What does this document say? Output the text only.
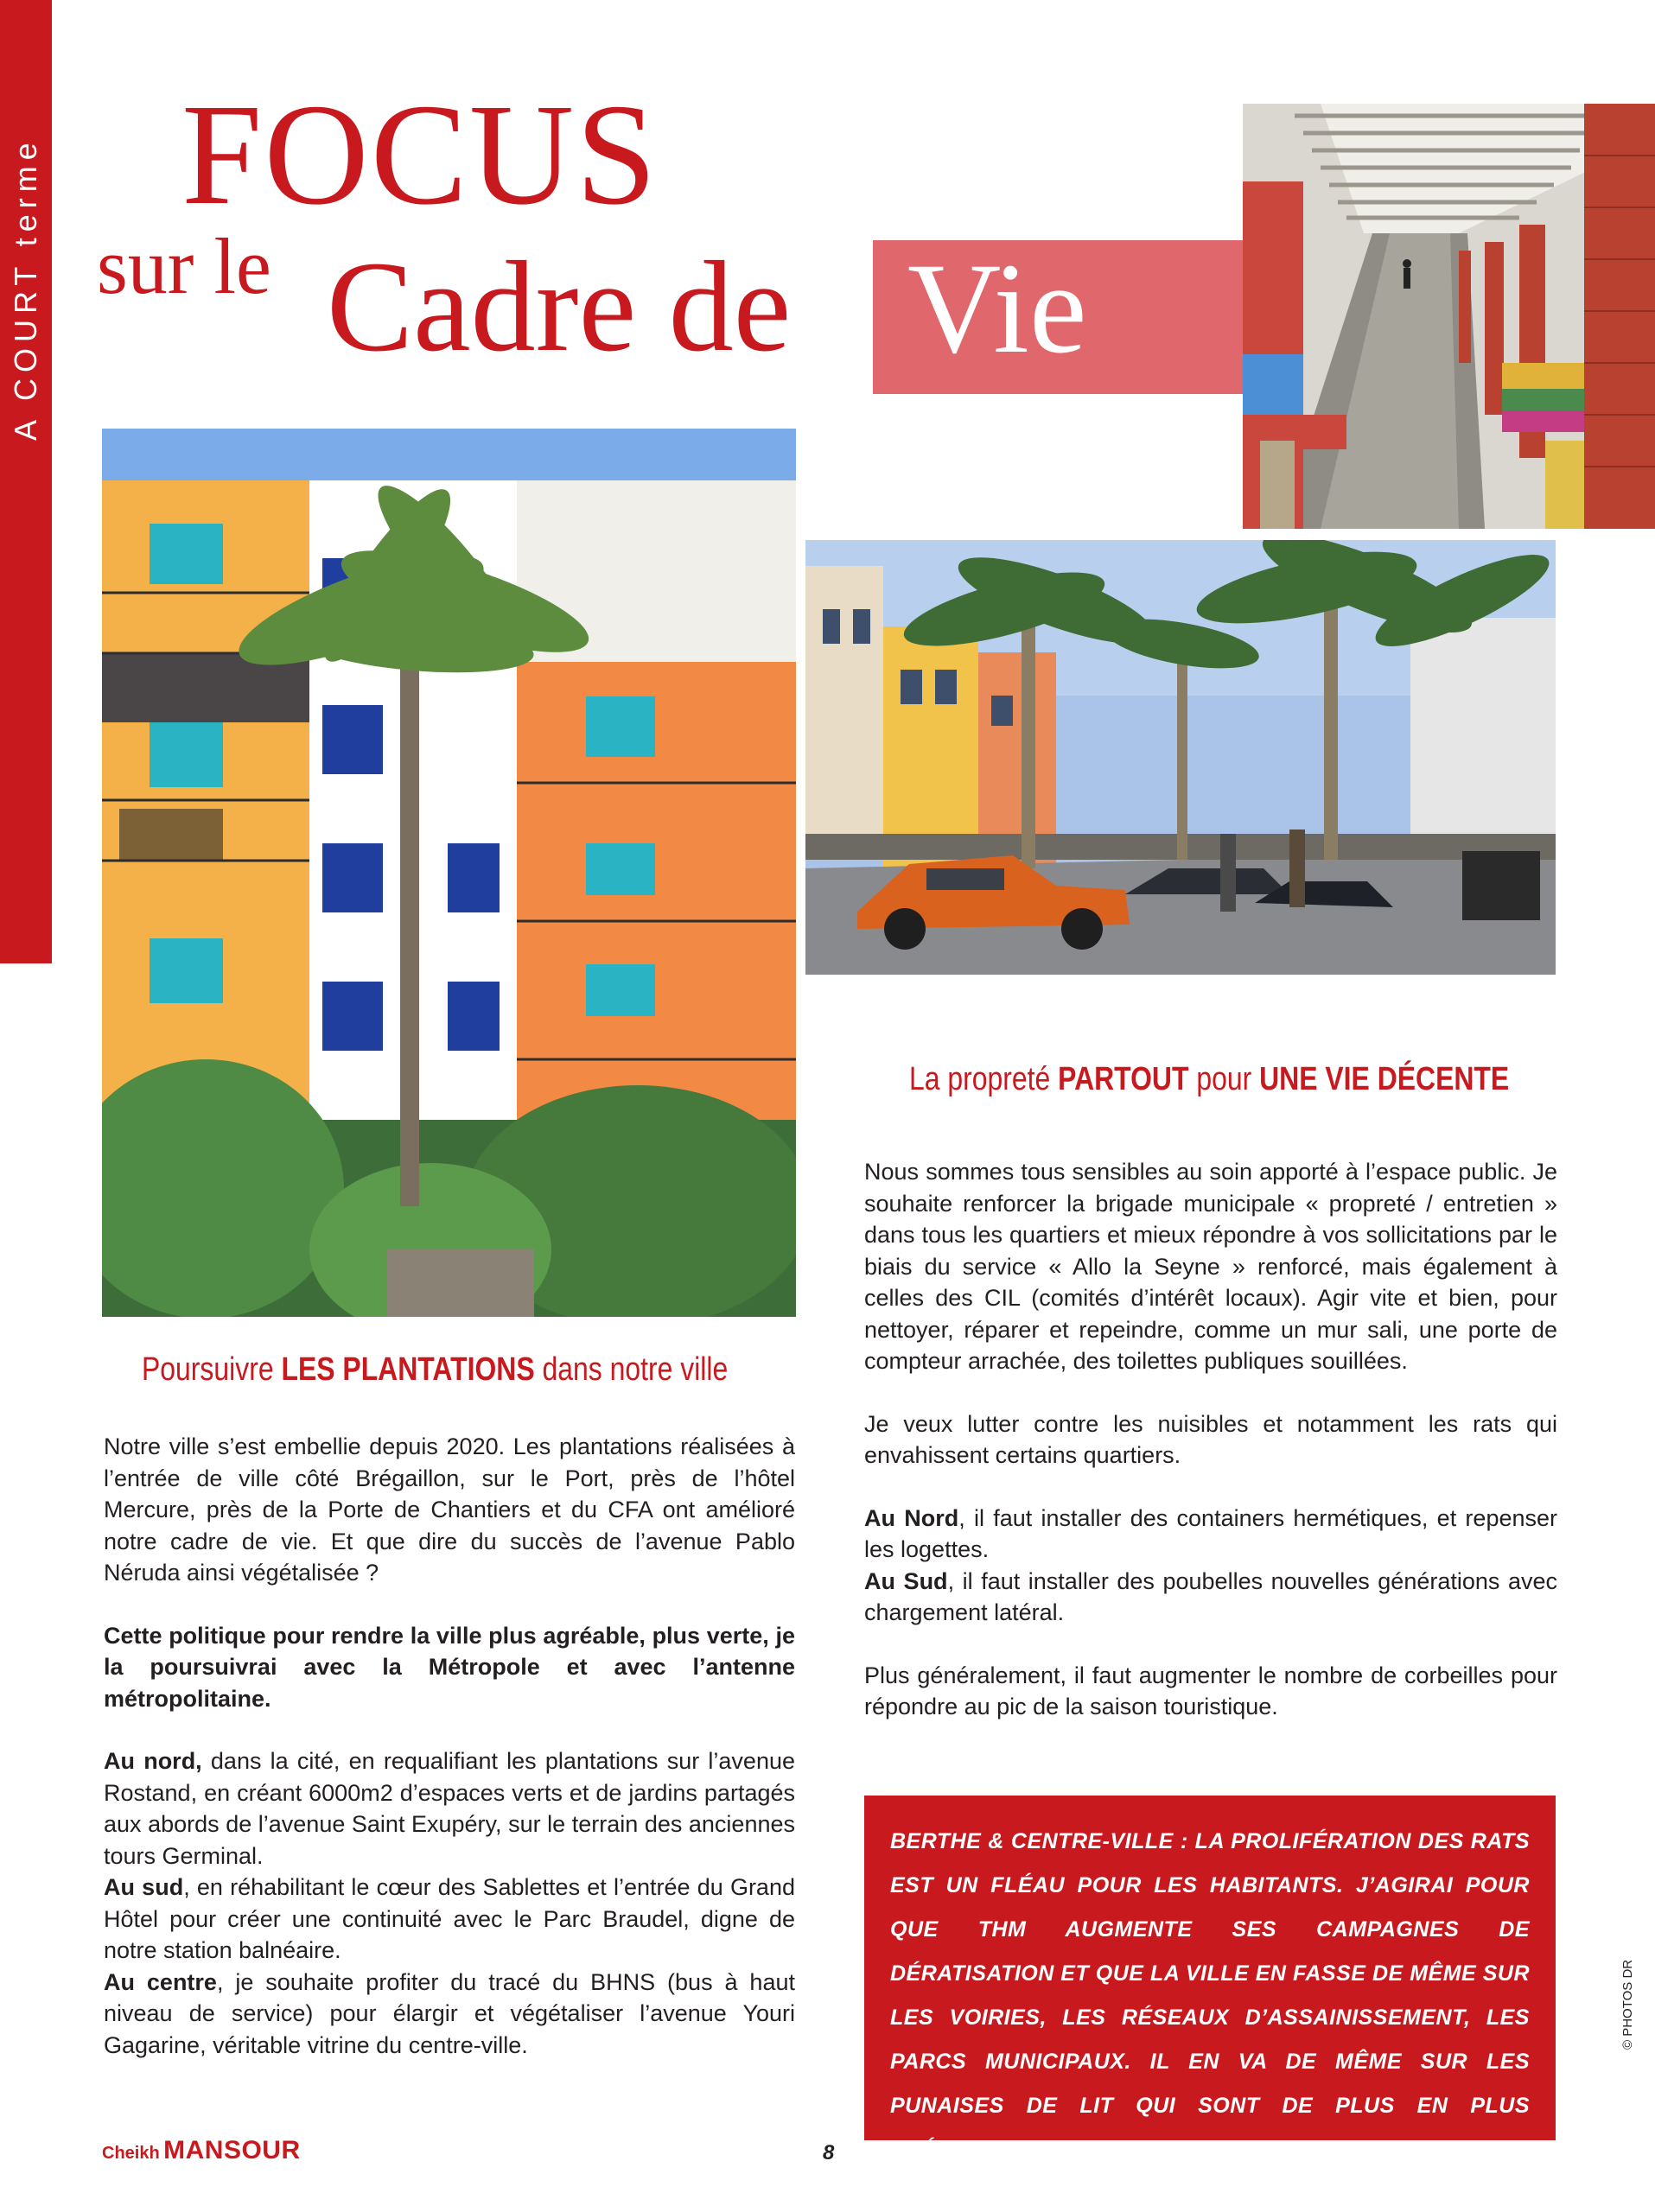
A COURT terme FOCUS
sur le Cadre de Vie
La propreté PARTOUT pour UNE VIE DÉCENTE
Poursuivre LES PLANTATIONS dans notre ville

Nous sommes tous sensibles au soin apporté à l’espace public. Je souhaite renforcer la brigade municipale « propreté / entretien » dans tous les quartiers et mieux répondre à vos sollicitations par le biais du service « Allo la Seyne » renforcé, mais également à celles des CIL (comités d’intérêt locaux). Agir vite et bien, pour nettoyer, réparer et repeindre, comme un mur sali, une porte de compteur arrachée, des toilettes publiques souillées.

Je veux lutter contre les nuisibles et notamment les rats qui envahissent certains quartiers.

Au Nord, il faut installer des containers hermétiques, et repenser les logettes.

Au Sud, il faut installer des poubelles nouvelles générations avec chargement latéral.

Plus généralement, il faut augmenter le nombre de corbeilles pour répondre au pic de la saison touristique.

Notre ville s’est embellie depuis 2020. Les plantations réalisées à l’entrée de ville côté Brégaillon, sur le Port, près de l’hôtel Mercure, près de la Porte de Chantiers et du CFA ont amélioré notre cadre de vie. Et que dire du succès de l’avenue Pablo Néruda ainsi végétalisée ?

Cette politique pour rendre la ville plus agréable, plus verte, je la poursuivrai avec la Métropole et avec l’antenne métropolitaine.

Au nord, dans la cité, en requalifiant les plantations sur l’avenue Rostand, en créant 6000m2 d’espaces verts et de jardins partagés aux abords de l’avenue Saint Exupéry, sur le terrain des anciennes tours Germinal.

Au sud, en réhabilitant le cœur des Sablettes et l’entrée du Grand Hôtel pour créer une continuité avec le Parc Braudel, digne de notre station balnéaire.

Au centre, je souhaite profiter du tracé du BHNS (bus à haut niveau de service) pour élargir et végétaliser l’avenue Youri Gagarine, véritable vitrine du centre-ville.

BERTHE & CENTRE-VILLE : LA PROLIFÉRATION DES RATS EST UN FLÉAU POUR LES HABITANTS. J’AGIRAI POUR QUE THM AUGMENTE SES CAMPAGNES DE DÉRATISATION ET QUE LA VILLE EN FASSE DE MÊME SUR LES VOIRIES, LES RÉSEAUX D’ASSAINISSEMENT, LES PARCS MUNICIPAUX. IL EN VA DE MÊME SUR LES PUNAISES DE LIT QUI SONT DE PLUS EN PLUS PRÉSENTES DANS LES GRANDES VILLES.
© PHOTOS DR
Cheikh MANSOUR	8
